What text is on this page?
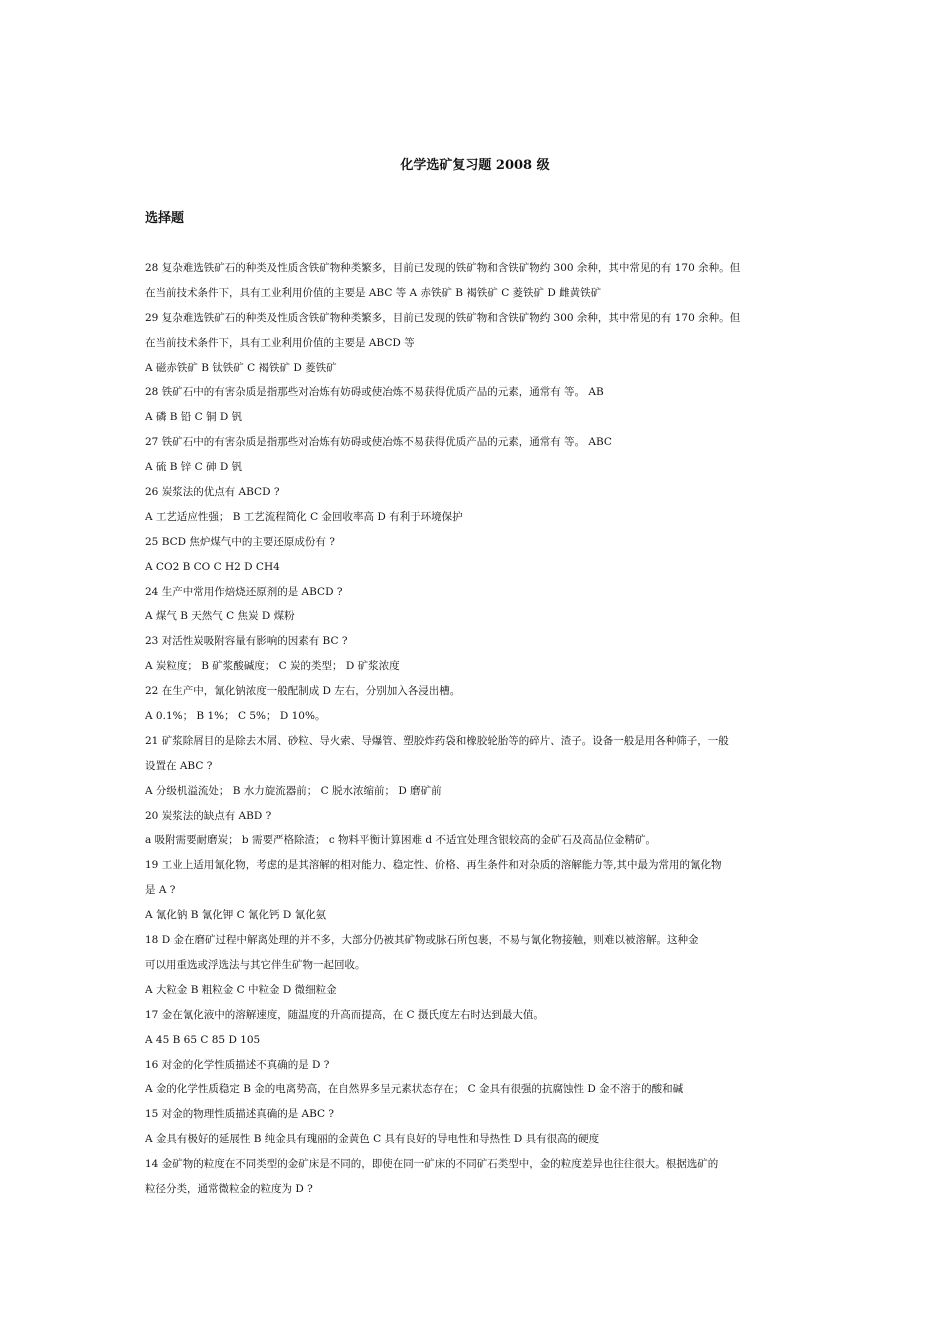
化学选矿复习题 2008 级
选择题
28 复杂难选铁矿石的种类及性质含铁矿物种类繁多，目前已发现的铁矿物和含铁矿物约 300 余种，其中常见的有 170 余种。但
在当前技术条件下，具有工业利用价值的主要是 ABC 等 A 赤铁矿 B 褐铁矿 C 菱铁矿 D 雌黄铁矿
29 复杂难选铁矿石的种类及性质含铁矿物种类繁多，目前已发现的铁矿物和含铁矿物约 300 余种，其中常见的有 170 余种。但
在当前技术条件下，具有工业利用价值的主要是 ABCD 等
A 磁赤铁矿 B 钛铁矿 C 褐铁矿 D 菱铁矿
28 铁矿石中的有害杂质是指那些对冶炼有妨碍或使冶炼不易获得优质产品的元素，通常有 等。 AB
A 磷 B 铅 C 铜 D 钒
27 铁矿石中的有害杂质是指那些对冶炼有妨碍或使冶炼不易获得优质产品的元素，通常有 等。 ABC
A 硫 B 锌 C 砷 D 钒
26 炭浆法的优点有 ABCD ?
A 工艺适应性强； B 工艺流程简化 C 金回收率高 D 有利于环境保护
25 BCD 焦炉煤气中的主要还原成份有 ?
A CO2 B CO C H2 D CH4
24 生产中常用作焙烧还原剂的是 ABCD ?
A 煤气 B 天然气 C 焦炭 D 煤粉
23 对活性炭吸附容量有影响的因素有 BC ?
A 炭粒度； B 矿浆酸碱度； C 炭的类型； D 矿浆浓度
22 在生产中，氰化钠浓度一般配制成 D 左右，分别加入各浸出槽。
A 0.1%； B 1%； C 5%； D 10%。
21 矿浆除屑目的是除去木屑、砂粒、导火索、导爆管、塑胶炸药袋和橡胶轮胎等的碎片、渣子。设备一般是用各种筛子，一般
设置在 ABC ?
A 分级机溢流处； B 水力旋流器前； C 脱水浓缩前； D 磨矿前
20 炭浆法的缺点有 ABD ?
a 吸附需要耐磨炭； b 需要严格除渣； c 物料平衡计算困难 d 不适宜处理含银较高的金矿石及高品位金精矿。
19 工业上适用氰化物，考虑的是其溶解的相对能力、稳定性、价格、再生条件和对杂质的溶解能力等,其中最为常用的氰化物
是 A ?
A 氰化钠 B 氰化钾 C 氰化钙 D 氰化氨
18 D 金在磨矿过程中解离处理的并不多，大部分仍被其矿物或脉石所包裹，不易与氰化物接触，则难以被溶解。这种金
可以用重选或浮选法与其它伴生矿物一起回收。
A 大粒金 B 粗粒金 C 中粒金 D 微细粒金
17 金在氰化液中的溶解速度，随温度的升高而提高，在 C 摄氏度左右时达到最大值。
A 45 B 65 C 85 D 105
16 对金的化学性质描述不真确的是 D ?
A 金的化学性质稳定 B 金的电离势高，在自然界多呈元素状态存在； C 金具有很强的抗腐蚀性 D 金不溶于的酸和碱
15 对金的物理性质描述真确的是 ABC ?
A 金具有极好的延展性 B 纯金具有瑰丽的金黄色 C 具有良好的导电性和导热性 D 具有很高的硬度
14 金矿物的粒度在不同类型的金矿床是不同的，即使在同一矿床的不同矿石类型中，金的粒度差异也往往很大。根据选矿的
粒径分类，通常微粒金的粒度为 D ?
